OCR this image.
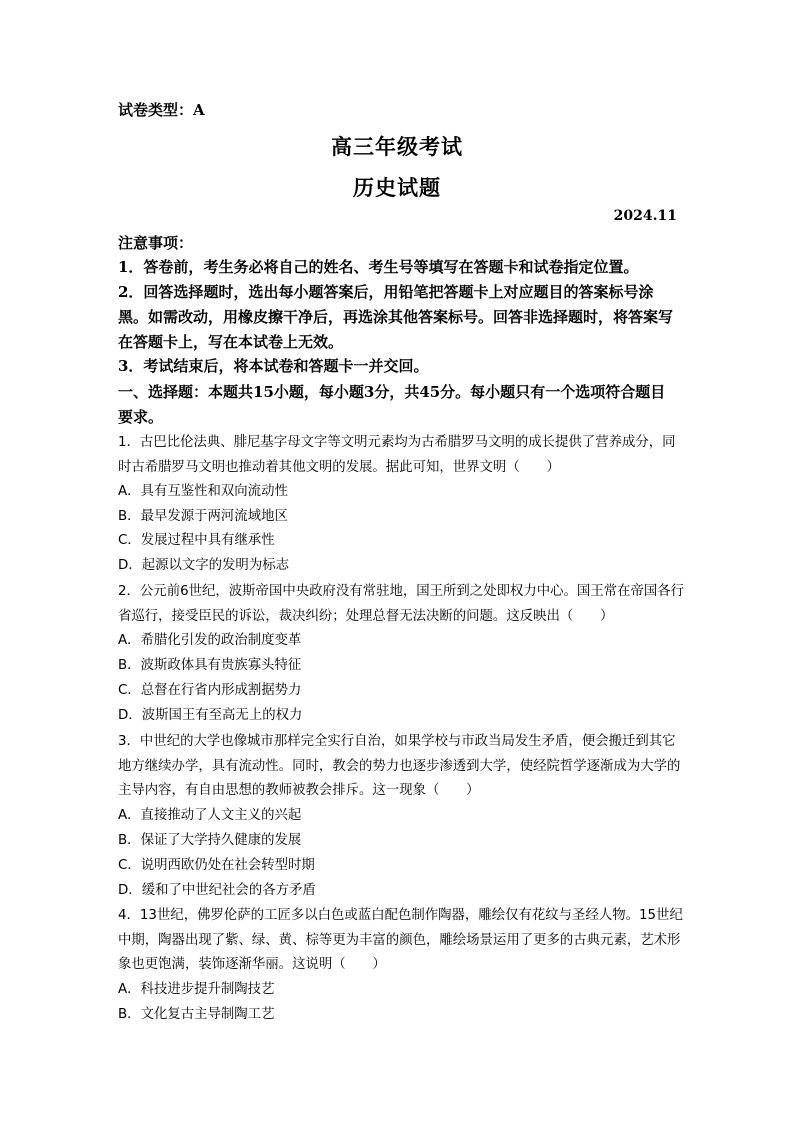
试卷类型：A
高三年级考试
历史试题
2024.11
注意事项：
1．答卷前，考生务必将自己的姓名、考生号等填写在答题卡和试卷指定位置。
2．回答选择题时，选出每小题答案后，用铅笔把答题卡上对应题目的答案标号涂黑。如需改动，用橡皮擦干净后，再选涂其他答案标号。回答非选择题时，将答案写在答题卡上，写在本试卷上无效。
3．考试结束后，将本试卷和答题卡一并交回。
一、选择题：本题共15小题，每小题3分，共45分。每小题只有一个选项符合题目要求。
1．古巴比伦法典、腓尼基字母文字等文明元素均为古希腊罗马文明的成长提供了营养成分，同时古希腊罗马文明也推动着其他文明的发展。据此可知，世界文明（　　）
A．具有互鉴性和双向流动性
B．最早发源于两河流域地区
C．发展过程中具有继承性
D．起源以文字的发明为标志
2．公元前6世纪，波斯帝国中央政府没有常驻地，国王所到之处即权力中心。国王常在帝国各行省巡行，接受臣民的诉讼，裁决纠纷；处理总督无法决断的问题。这反映出（　　）
A．希腊化引发的政治制度变革
B．波斯政体具有贵族寡头特征
C．总督在行省内形成割据势力
D．波斯国王有至高无上的权力
3．中世纪的大学也像城市那样完全实行自治，如果学校与市政当局发生矛盾，便会搬迁到其它地方继续办学，具有流动性。同时，教会的势力也逐步渗透到大学，使经院哲学逐渐成为大学的主导内容，有自由思想的教师被教会排斥。这一现象（　　）
A．直接推动了人文主义的兴起
B．保证了大学持久健康的发展
C．说明西欧仍处在社会转型时期
D．缓和了中世纪社会的各方矛盾
4．13世纪，佛罗伦萨的工匠多以白色或蓝白配色制作陶器，雕绘仅有花纹与圣经人物。15世纪中期，陶器出现了紫、绿、黄、棕等更为丰富的颜色，雕绘场景运用了更多的古典元素，艺术形象也更饱满，装饰逐渐华丽。这说明（　　）
A．科技进步提升制陶技艺
B．文化复古主导制陶工艺
